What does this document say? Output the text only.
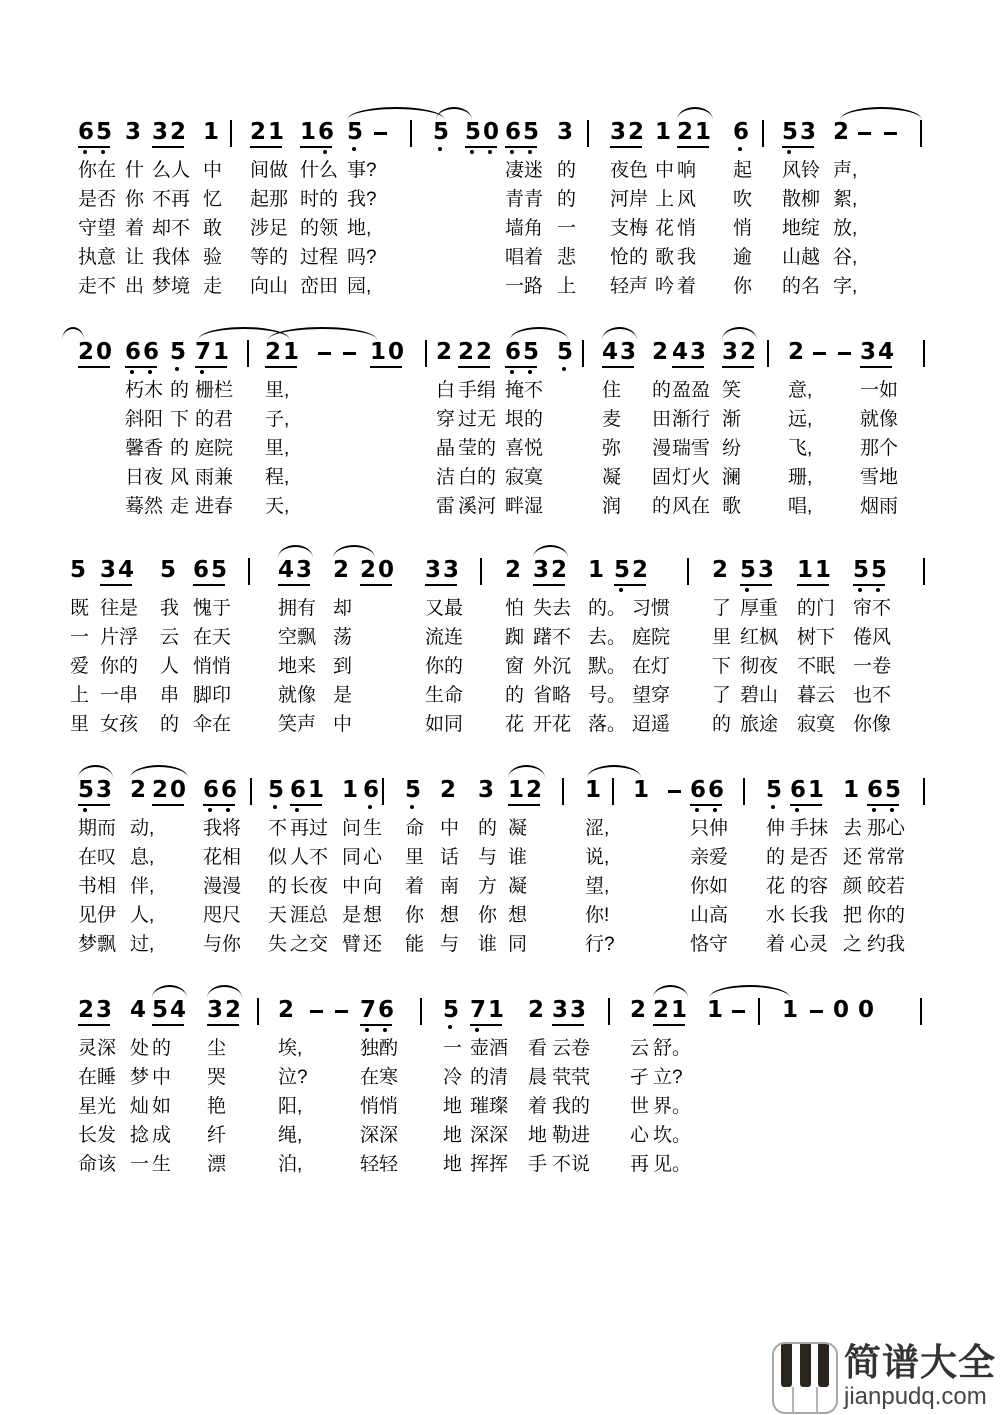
6 5
你在
是否
守望
执意
走不
3
什
你
着
让
出
3 2
么人
不再
却不
我体
梦境
1
中
忆
敢
验
走
2 1
间做
起那
涉足
等的
向山
1 6
什么
时的
的领
过程
峦田
5
事?
我?
地,
吗?
园,
5 5 0 6 5
凄迷
青青
墙角
唱着
一路
3
的
的
一
悲
上
3 2
夜色
河岸
支梅
怆的
轻声
1
中
上
花
歌
吟
2 1
响
风
悄
我
着
6
起
吹
悄
逾
你
5 3
风铃
散柳
地绽
山越
的名
2
声,
絮,
放,
谷,
字,
2 0 6 6
朽木
斜阳
馨香
日夜
蓦然
5
的
下
的
风
走
7 1
栅栏
的君
庭院
雨兼
进春
2 1
里,
子,
里,
程,
天,
1 0 2
白
穿
晶
洁
雷
2 2
手绢
过无
莹的
白的
溪河
6 5
掩不
垠的
喜悦
寂寞
畔湿
5 4 3
住
麦
弥
凝
润
2
的
田
漫
固
的
4 3
盈盈
渐行
瑞雪
灯火
风在
3 2
笑
渐
纷
澜
歌
2
意,
远,
飞,
珊,
唱,
3 4
一如
就像
那个
雪地
烟雨
5
既
一
爱
上
里
3 4
往是
片浮
你的
一串
女孩
5
我
云
人
串
的
6 5
愧于
在天
悄悄
脚印
伞在
4 3
拥有
空飘
地来
就像
笑声
2
却
荡
到
是
中
2 0 3 3
又最
流连
你的
生命
如同
2
怕
踟
窗
的
花
3 2
失去
躇不
外沉
省略
开花
1
的。
去。
默。
号。
落。
5 2
习惯
庭院
在灯
望穿
迢遥
2
了
里
下
了
的
5 3
厚重
红枫
彻夜
碧山
旅途
1 1
的门
树下
不眠
暮云
寂寞
5 5
帘不
倦风
一卷
也不
你像
5 3
期而
在叹
书相
见伊
梦飘
2
动,
息,
伴,
人,
过,
2 0 6 6
我将
花相
漫漫
咫尺
与你
5
不
似
的
天
失
6 1
再过
人不
长夜
涯总
之交
1
问
同
中
是
臂
6
生
心
向
想
还
5
命
里
着
你
能
2
中
话
南
想
与
3
的
与
方
你
谁
1 2
凝
谁
凝
想
同
1
涩,
说,
望,
你!
行?
1 6 6
只伸
亲爱
你如
山高
恪守
5
伸
的
花
水
着
6 1
手抹
是否
的容
长我
心灵
1
去
还
颜
把
之
6 5
那心
常常
皎若
你的
约我
2 3
灵深
在睡
星光
长发
命该
4
处
梦
灿
捻
一
5 4
的
中
如
成
生
3 2
尘
哭
艳
纤
漂
2
埃,
泣?
阳,
绳,
泊,
7 6
独酌
在寒
悄悄
深深
轻轻
5
一
冷
地
地
地
7 1
壶酒
的清
璀璨
深深
挥挥
2
看
晨
着
地
手
3 3
云卷
茕茕
我的
勒进
不说
2
云
孑
世
心
再
2 1
舒。
立?
界。
坎。
见。
1	1 0 0
简谱大全
jianpudq.com
